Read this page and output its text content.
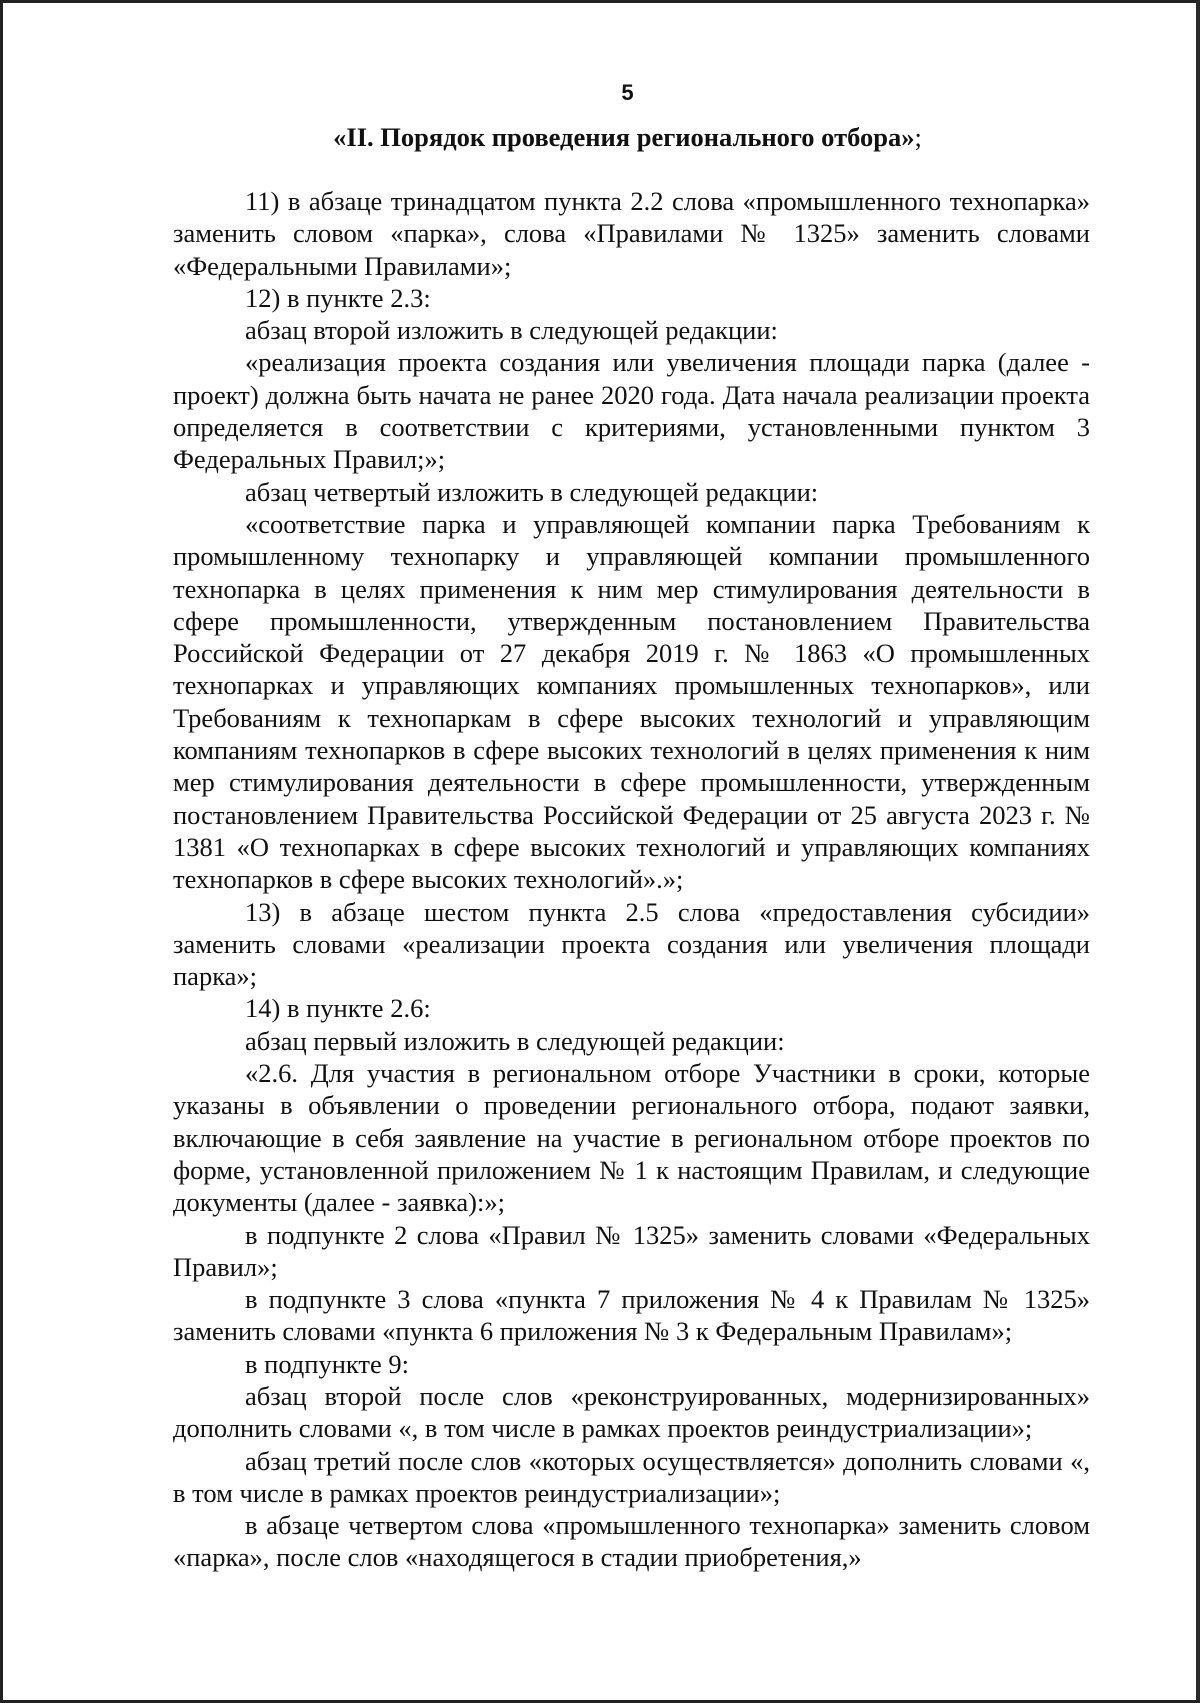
5
«II. Порядок проведения регионального отбора»;

11) в абзаце тринадцатом пункта 2.2 слова «промышленного технопарка» заменить словом «парка», слова «Правилами № 1325» заменить словами «Федеральными Правилами»;

12) в пункте 2.3:

абзац второй изложить в следующей редакции:

«реализация проекта создания или увеличения площади парка (далее - проект) должна быть начата не ранее 2020 года. Дата начала реализации проекта определяется в соответствии с критериями, установленными пунктом 3 Федеральных Правил;»;

абзац четвертый изложить в следующей редакции:

«соответствие парка и управляющей компании парка Требованиям к промышленному технопарку и управляющей компании промышленного технопарка в целях применения к ним мер стимулирования деятельности в сфере промышленности, утвержденным постановлением Правительства Российской Федерации от 27 декабря 2019 г. № 1863 «О промышленных технопарках и управляющих компаниях промышленных технопарков», или Требованиям к технопаркам в сфере высоких технологий и управляющим компаниям технопарков в сфере высоких технологий в целях применения к ним мер стимулирования деятельности в сфере промышленности, утвержденным постановлением Правительства Российской Федерации от 25 августа 2023 г. № 1381 «О технопарках в сфере высоких технологий и управляющих компаниях технопарков в сфере высоких технологий».»;

13) в абзаце шестом пункта 2.5 слова «предоставления субсидии» заменить словами «реализации проекта создания или увеличения площади парка»;

14) в пункте 2.6:

абзац первый изложить в следующей редакции:

«2.6. Для участия в региональном отборе Участники в сроки, которые указаны в объявлении о проведении регионального отбора, подают заявки, включающие в себя заявление на участие в региональном отборе проектов по форме, установленной приложением № 1 к настоящим Правилам, и следующие документы (далее - заявка):»;

в подпункте 2 слова «Правил № 1325» заменить словами «Федеральных Правил»;

в подпункте 3 слова «пункта 7 приложения № 4 к Правилам № 1325» заменить словами «пункта 6 приложения № 3 к Федеральным Правилам»;

в подпункте 9:

абзац второй после слов «реконструированных, модернизированных» дополнить словами «, в том числе в рамках проектов реиндустриализации»;

абзац третий после слов «которых осуществляется» дополнить словами «, в том числе в рамках проектов реиндустриализации»;

в абзаце четвертом слова «промышленного технопарка» заменить словом «парка», после слов «находящегося в стадии приобретения,»
